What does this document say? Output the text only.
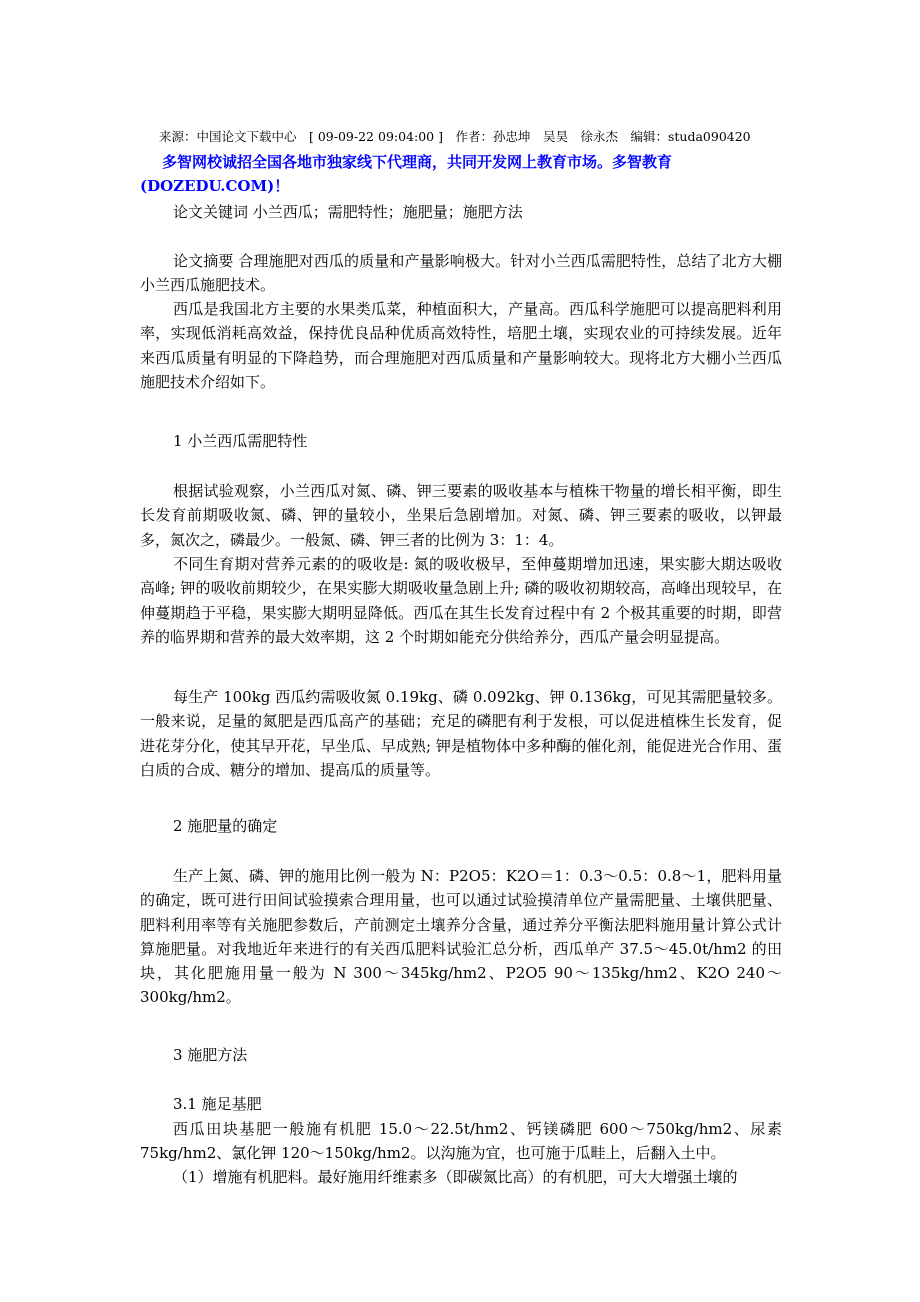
来源：中国论文下载中心　[ 09-09-22 09:04:00 ]　作者：孙忠坤　吴昊　徐永杰　编辑：studa090420
多智网校诚招全国各地市独家线下代理商，共同开发网上教育市场。多智教育
(DOZEDU.COM)！
论文关键词 小兰西瓜；需肥特性；施肥量；施肥方法
论文摘要 合理施肥对西瓜的质量和产量影响极大。针对小兰西瓜需肥特性，总结了北方大棚小兰西瓜施肥技术。
西瓜是我国北方主要的水果类瓜菜，种植面积大，产量高。西瓜科学施肥可以提高肥料利用率，实现低消耗高效益，保持优良品种优质高效特性，培肥土壤，实现农业的可持续发展。近年来西瓜质量有明显的下降趋势，而合理施肥对西瓜质量和产量影响较大。现将北方大棚小兰西瓜施肥技术介绍如下。
1 小兰西瓜需肥特性
根据试验观察，小兰西瓜对氮、磷、钾三要素的吸收基本与植株干物量的增长相平衡，即生长发育前期吸收氮、磷、钾的量较小，坐果后急剧增加。对氮、磷、钾三要素的吸收，以钾最多，氮次之，磷最少。一般氮、磷、钾三者的比例为 3：1：4。
不同生育期对营养元素的的吸收是: 氮的吸收极早，至伸蔓期增加迅速，果实膨大期达吸收高峰; 钾的吸收前期较少，在果实膨大期吸收量急剧上升; 磷的吸收初期较高，高峰出现较早，在伸蔓期趋于平稳，果实膨大期明显降低。西瓜在其生长发育过程中有 2 个极其重要的时期，即营养的临界期和营养的最大效率期，这 2 个时期如能充分供给养分，西瓜产量会明显提高。
每生产 100kg 西瓜约需吸收氮 0.19kg、磷 0.092kg、钾 0.136kg，可见其需肥量较多。一般来说，足量的氮肥是西瓜高产的基础；充足的磷肥有利于发根，可以促进植株生长发育，促进花芽分化，使其早开花，早坐瓜、早成熟; 钾是植物体中多种酶的催化剂，能促进光合作用、蛋白质的合成、糖分的增加、提高瓜的质量等。
2 施肥量的确定
生产上氮、磷、钾的施用比例一般为 N：P2O5：K2O＝1：0.3～0.5：0.8～1，肥料用量的确定，既可进行田间试验摸索合理用量，也可以通过试验摸清单位产量需肥量、土壤供肥量、肥料利用率等有关施肥参数后，产前测定土壤养分含量，通过养分平衡法肥料施用量计算公式计算施肥量。对我地近年来进行的有关西瓜肥料试验汇总分析，西瓜单产 37.5～45.0t/hm2 的田块，其化肥施用量一般为 N 300～345kg/hm2、P2O5 90～135kg/hm2、K2O 240～300kg/hm2。
3 施肥方法
3.1 施足基肥
西瓜田块基肥一般施有机肥 15.0～22.5t/hm2、钙镁磷肥 600～750kg/hm2、尿素 75kg/hm2、氯化钾 120～150kg/hm2。以沟施为宜，也可施于瓜畦上，后翻入土中。
（1）增施有机肥料。最好施用纤维素多（即碳氮比高）的有机肥，可大大增强土壤的
